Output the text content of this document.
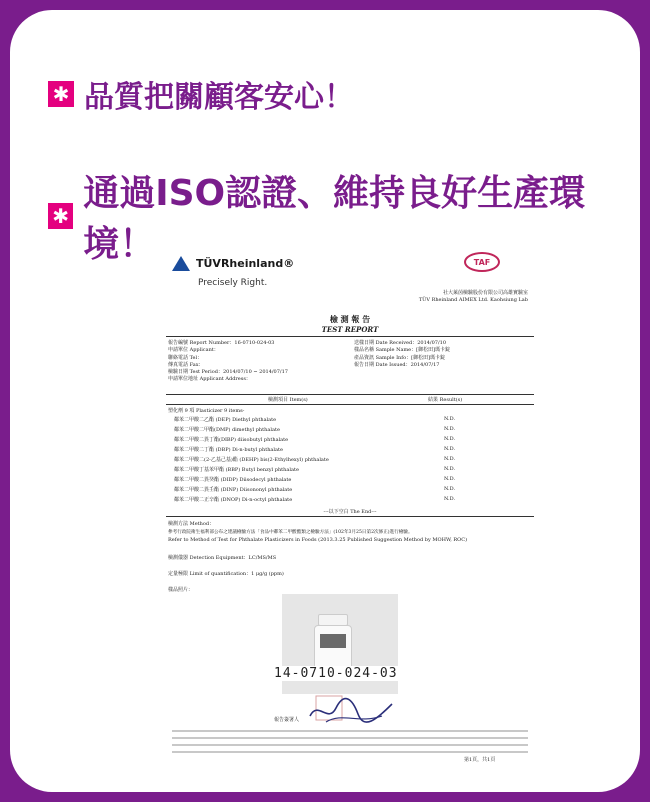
✱ 品質把關顧客安心！
✱
通過ISO認證、維持良好生產環境！	TÜVRheinland®
Precisely Right.
TAF
社大萊茵檢驗股份有限公司高雄實驗室
TÜV Rheinland AIMEX Ltd. Kaohsiung Lab
檢 測 報 告
TEST REPORT
報告編號 Report Number：16-0710-024-03
申請單位 Applicant：
聯絡電話 Tel：
傳真電話 Fax：
檢驗日期 Test Period：2014/07/10 ~ 2014/07/17
申請單位地址 Applicant Address：
送樣日期 Date Received：2014/07/10
樣品名稱 Sample Name：[御松田]瑪卡錠
產品資訊 Sample Info：[御松田]瑪卡錠
報告日期 Date Issued：2014/07/17
檢測項目 Item(s)	結果 Result(s)
塑化劑 9 項 Plasticizer 9 items-
鄰苯二甲酸二乙酯 (DEP) Diethyl phthalate	N.D.
鄰苯二甲酸二甲酯(DMP) dimethyl phthalate	N.D.
鄰苯二甲酸二異丁酯(DIBP) diisobutyl phthalate	N.D.
鄰苯二甲酸二丁酯 (DBP) Di-n-butyl phthalate	N.D.
鄰苯二甲酸二(2-乙基己基)酯 (DEHP) bis(2-Ethylhexyl) phthalate	N.D.
鄰苯二甲酸丁基苯甲酯 (BBP) Butyl benzyl phthalate	N.D.
鄰苯二甲酸二異癸酯 (DIDP) Diisodecyl phthalate	N.D.
鄰苯二甲酸二異壬酯 (DINP) Diisononyl phthalate	N.D.
鄰苯二甲酸二正辛酯 (DNOP) Di-n-octyl phthalate	N.D.
---以下空白 The End---
檢測方法 Method：
參考行政院衛生福利部公布之建議檢驗方法「食品中鄰苯二甲酸酯類之檢驗方法」(102年3月25日第2次修正)進行檢驗。
Refer to Method of Test for Phthalate Plasticizers in Foods (2013.3.25 Published Suggestion Method by MOHW, ROC)
檢測儀器 Detection Equipment：LC/MS/MS
定量極限 Limit of quantification：1 μg/g (ppm)
樣品照片：
14-0710-024-03
報告簽署人
第1頁，共1頁
